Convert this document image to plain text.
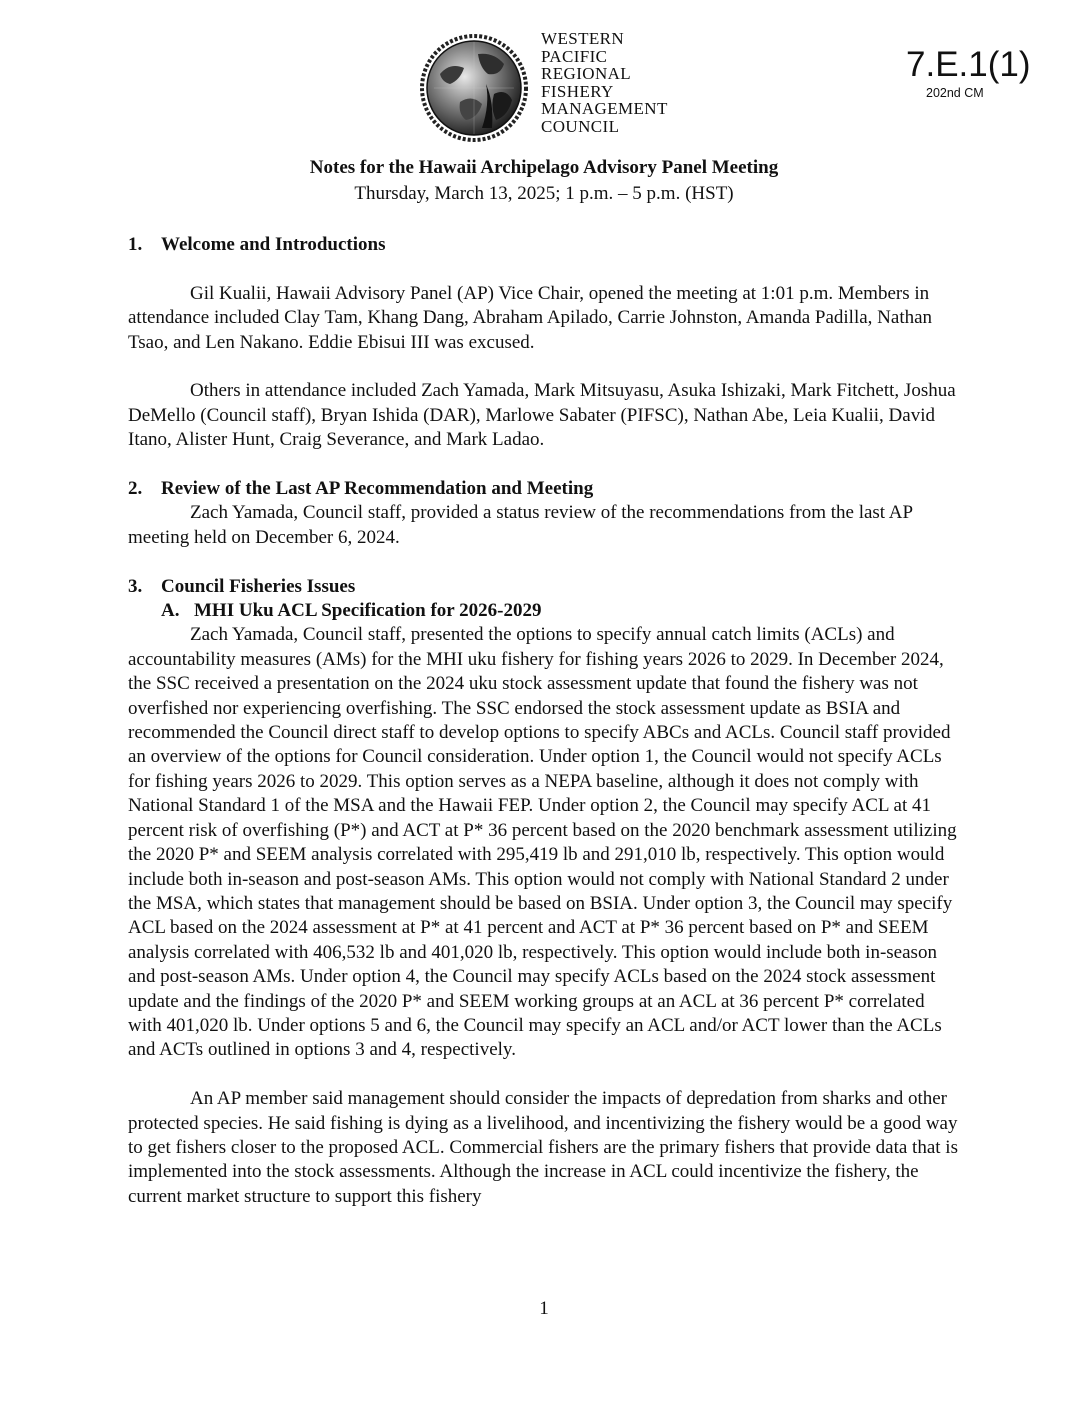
WESTERN
PACIFIC
REGIONAL
FISHERY
MANAGEMENT
COUNCIL
7.E.1(1)
202nd CM
Notes for the Hawaii Archipelago Advisory Panel Meeting
Thursday, March 13, 2025; 1 p.m. – 5 p.m. (HST)
1. Welcome and Introductions

Gil Kualii, Hawaii Advisory Panel (AP) Vice Chair, opened the meeting at 1:01 p.m. Members in attendance included Clay Tam, Khang Dang, Abraham Apilado, Carrie Johnston, Amanda Padilla, Nathan Tsao, and Len Nakano. Eddie Ebisui III was excused.

Others in attendance included Zach Yamada, Mark Mitsuyasu, Asuka Ishizaki, Mark Fitchett, Joshua DeMello (Council staff), Bryan Ishida (DAR), Marlowe Sabater (PIFSC), Nathan Abe, Leia Kualii, David Itano, Alister Hunt, Craig Severance, and Mark Ladao.

2. Review of the Last AP Recommendation and Meeting

Zach Yamada, Council staff, provided a status review of the recommendations from the last AP meeting held on December 6, 2024.

3. Council Fisheries Issues
A. MHI Uku ACL Specification for 2026-2029

Zach Yamada, Council staff, presented the options to specify annual catch limits (ACLs) and accountability measures (AMs) for the MHI uku fishery for fishing years 2026 to 2029. In December 2024, the SSC received a presentation on the 2024 uku stock assessment update that found the fishery was not overfished nor experiencing overfishing. The SSC endorsed the stock assessment update as BSIA and recommended the Council direct staff to develop options to specify ABCs and ACLs. Council staff provided an overview of the options for Council consideration. Under option 1, the Council would not specify ACLs for fishing years 2026 to 2029. This option serves as a NEPA baseline, although it does not comply with National Standard 1 of the MSA and the Hawaii FEP. Under option 2, the Council may specify ACL at 41 percent risk of overfishing (P*) and ACT at P* 36 percent based on the 2020 benchmark assessment utilizing the 2020 P* and SEEM analysis correlated with 295,419 lb and 291,010 lb, respectively. This option would include both in-season and post-season AMs. This option would not comply with National Standard 2 under the MSA, which states that management should be based on BSIA. Under option 3, the Council may specify ACL based on the 2024 assessment at P* at 41 percent and ACT at P* 36 percent based on P* and SEEM analysis correlated with 406,532 lb and 401,020 lb, respectively. This option would include both in-season and post-season AMs. Under option 4, the Council may specify ACLs based on the 2024 stock assessment update and the findings of the 2020 P* and SEEM working groups at an ACL at 36 percent P* correlated with 401,020 lb. Under options 5 and 6, the Council may specify an ACL and/or ACT lower than the ACLs and ACTs outlined in options 3 and 4, respectively.

An AP member said management should consider the impacts of depredation from sharks and other protected species. He said fishing is dying as a livelihood, and incentivizing the fishery would be a good way to get fishers closer to the proposed ACL. Commercial fishers are the primary fishers that provide data that is implemented into the stock assessments. Although the increase in ACL could incentivize the fishery, the current market structure to support this fishery

1
